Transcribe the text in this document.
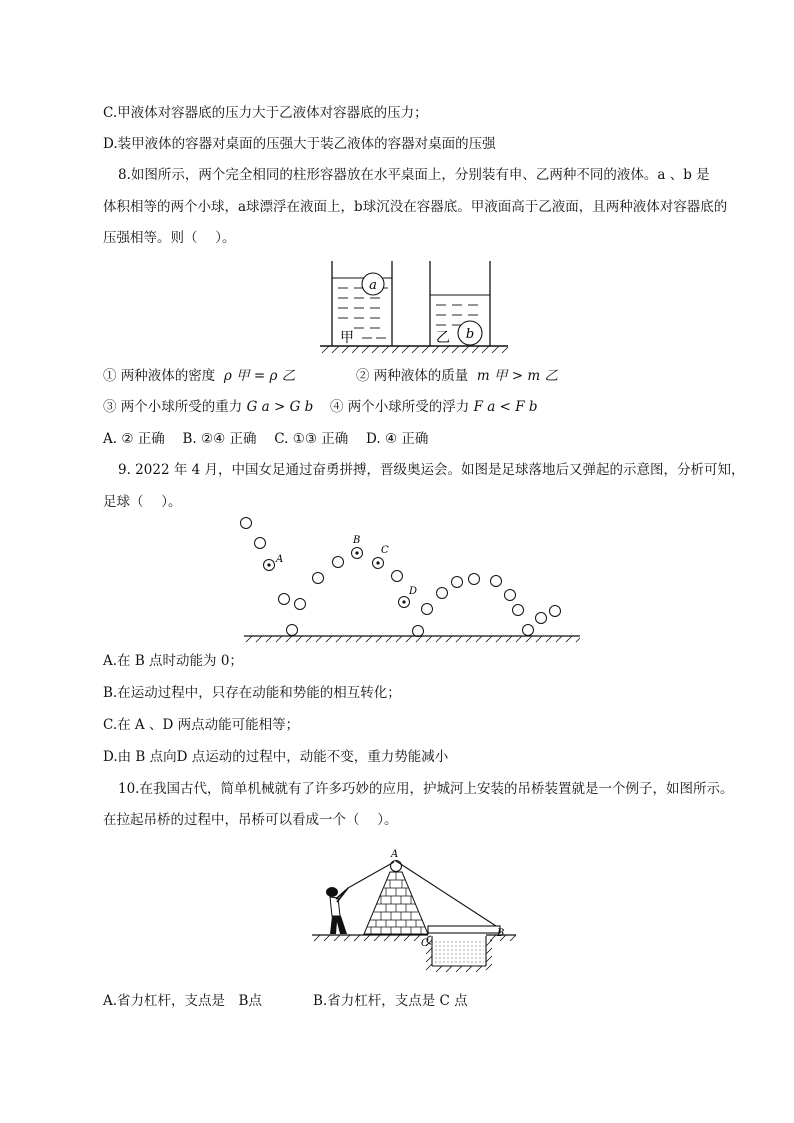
C.甲液体对容器底的压力大于乙液体对容器底的压力；
D.装甲液体的容器对桌面的压强大于装乙液体的容器对桌面的压强
8.如图所示，两个完全相同的柱形容器放在水平桌面上，分别装有申、乙两种不同的液体。a 、b 是
体积相等的两个小球，a球漂浮在液面上，b球沉没在容器底。甲液面高于乙液面，且两种液体对容器底的
压强相等。则（　 ）。
a
甲	b
乙
① 两种液体的密度 ρ 甲 = ρ 乙	② 两种液体的质量 m 甲 > m 乙
③ 两个小球所受的重力 G a > G b ④ 两个小球所受的浮力 F a < F b
A. ② 正确　 B. ②④ 正确　 C. ①③ 正确　 D. ④ 正确
9. 2022 年 4 月，中国女足通过奋勇拼搏，晋级奥运会。如图是足球落地后又弹起的示意图，分析可知，
足球（　 ）。
A
B
C
D
A.在 B 点时动能为 0；
B.在运动过程中，只存在动能和势能的相互转化；
C.在 A 、D 两点动能可能相等；
D.由 B 点向D 点运动的过程中，动能不变，重力势能减小
10.在我国古代，简单机械就有了许多巧妙的应用，护城河上安装的吊桥装置就是一个例子，如图所示。
在拉起吊桥的过程中，吊桥可以看成一个（　 ）。
A
B
C
A.省力杠杆，支点是　B点	B.省力杠杆，支点是 C 点
